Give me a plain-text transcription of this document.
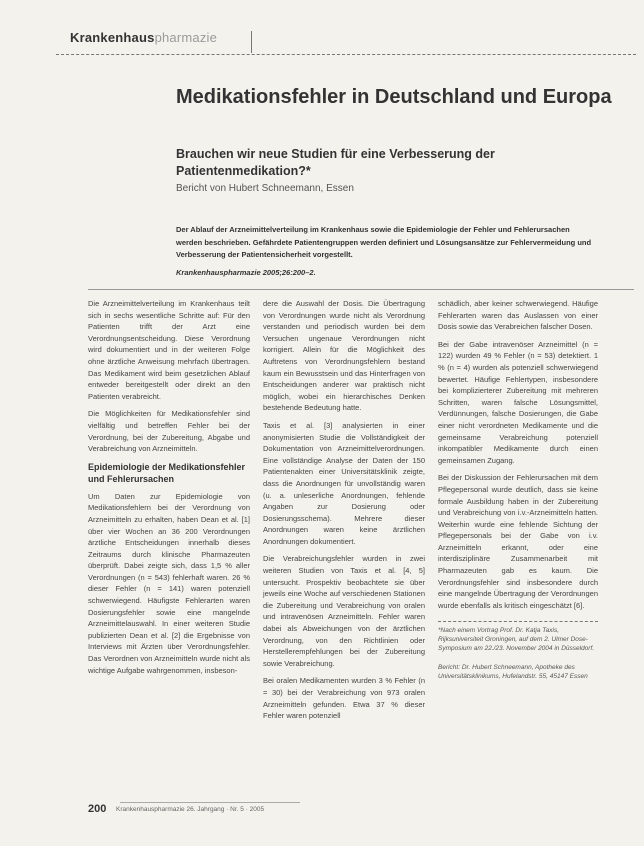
Krankenhauspharmazie
Medikationsfehler in Deutschland und Europa
Brauchen wir neue Studien für eine Verbesserung der Patientenmedikation?*
Bericht von Hubert Schneemann, Essen
Der Ablauf der Arzneimittelverteilung im Krankenhaus sowie die Epidemiologie der Fehler und Fehlerursachen werden beschrieben. Gefährdete Patientengruppen werden definiert und Lösungsansätze zur Fehlervermeidung und Verbesserung der Patientensicherheit vorgestellt.
Krankenhauspharmazie 2005;26:200–2.

Die Arzneimittelverteilung im Krankenhaus teilt sich in sechs wesentliche Schritte auf: Für den Patienten trifft der Arzt eine Verordnungsentscheidung. Diese Verordnung wird dokumentiert und in der weiteren Folge ohne ärztliche Anweisung mehrfach übertragen. Das Medikament wird beim gesetzlichen Ablauf entweder bereitgestellt oder direkt an den Patienten verabreicht.

Die Möglichkeiten für Medikationsfehler sind vielfältig und betreffen Fehler bei der Verordnung, bei der Zubereitung, Abgabe und Verabreichung von Arzneimitteln.

Epidemiologie der Medikationsfehler und Fehlerursachen

Um Daten zur Epidemiologie von Medikationsfehlern bei der Verordnung von Arzneimitteln zu erhalten, haben Dean et al. [1] über vier Wochen an 36 200 Verordnungen ärztliche Entscheidungen innerhalb dieses Zeitraums durch klinische Pharmazeuten überprüft. Dabei zeigte sich, dass 1,5 % aller Verordnungen (n = 543) fehlerhaft waren. 26 % dieser Fehler (n = 141) waren potenziell schwerwiegend. Häufigste Fehlerarten waren Dosierungsfehler sowie eine mangelnde Arzneimittelauswahl. In einer weiteren Studie publizierten Dean et al. [2] die Ergebnisse von Interviews mit Ärzten über Verordnungsfehler. Das Verordnen von Arzneimitteln wurde nicht als wichtige Aufgabe wahrgenommen, insbeson-

dere die Auswahl der Dosis. Die Übertragung von Verordnungen wurde nicht als Verordnung verstanden und periodisch wurden bei dem Versuchen ungenaue Verordnungen nicht korrigiert. Allein für die Möglichkeit des Auftretens von Verordnungsfehlern bestand kaum ein Bewusstsein und das Hinterfragen von Entscheidungen anderer war praktisch nicht möglich, wobei ein hierarchisches Denken bestehende Bedeutung hatte.

Taxis et al. [3] analysierten in einer anonymisierten Studie die Vollständigkeit der Dokumentation von Arzneimittelverordnungen. Eine vollständige Analyse der Daten der 150 Patientenakten einer Universitätsklinik zeigte, dass die Anordnungen für unvollständig waren (u. a. unleserliche Anordnungen, fehlende Angaben zur Dosierung oder Dosierungsschema). Mehrere dieser Anordnungen waren keine ärztlichen Anordnungen dokumentiert.

Die Verabreichungsfehler wurden in zwei weiteren Studien von Taxis et al. [4, 5] untersucht. Prospektiv beobachtete sie über jeweils eine Woche auf verschiedenen Stationen die Zubereitung und Verabreichung von oralen und intravenösen Arzneimitteln. Fehler waren dabei als Abweichungen von der ärztlichen Verordnung, von den Richtlinien oder Herstellerempfehlungen bei der Zubereitung sowie Verabreichung.

Bei oralen Medikamenten wurden 3 % Fehler (n = 30) bei der Verabreichung von 973 oralen Arzneimitteln gefunden. Etwa 37 % dieser Fehler waren potenziell

schädlich, aber keiner schwerwiegend. Häufige Fehlerarten waren das Auslassen von einer Dosis sowie das Verabreichen falscher Dosen.

Bei der Gabe intravenöser Arzneimittel (n = 122) wurden 49 % Fehler (n = 53) detektiert. 1 % (n = 4) wurden als potenziell schwerwiegend bewertet. Häufige Fehlertypen, insbesondere bei komplizierterer Zubereitung mit mehreren Schritten, waren falsche Lösungsmittel, Verdünnungen, falsche Dosierungen, die Gabe einer nicht verordneten Medikamente und die gemeinsame Verabreichung potenziell inkompatibler Medikamente durch einen gemeinsamen Zugang.

Bei der Diskussion der Fehlerursachen mit dem Pflegepersonal wurde deutlich, dass sie keine formale Ausbildung haben in der Zubereitung und Verabreichung von i.v.-Arzneimitteln hatten. Weiterhin wurde eine fehlende Sichtung der Pflegepersonals bei der Gabe von i.v. Arzneimitteln erkannt, oder eine interdisziplinäre Zusammenarbeit mit Pharmazeuten gab es kaum. Die Verordnungsfehler sind insbesondere durch eine mangelnde Übertragung der Verordnungen wurde ebenfalls als kritisch eingeschätzt [6].

*Nach einem Vortrag Prof. Dr. Katja Taxis, Rijksuniversiteit Groningen, auf dem 2. Ulmer Dose-Symposium am 22./23. November 2004 in Düsseldorf.
Bericht: Dr. Hubert Schneemann, Apotheke des Universitätsklinikums, Hufelandstr. 55, 45147 Essen
200 Krankenhauspharmazie 26. Jahrgang · Nr. 5 · 2005
